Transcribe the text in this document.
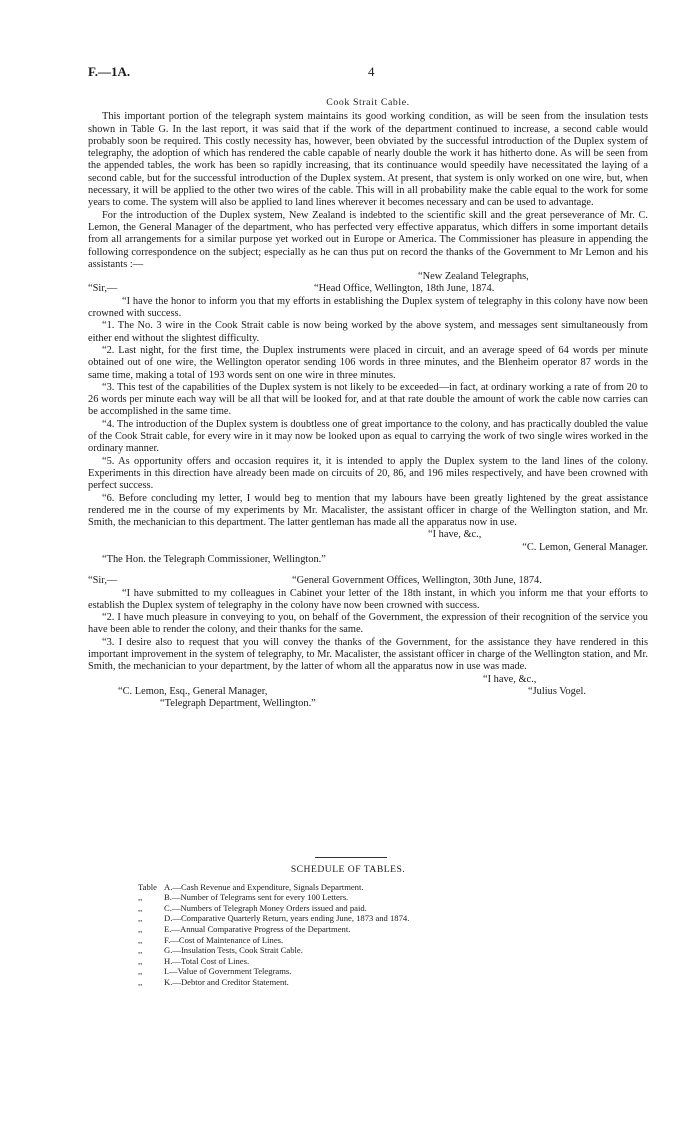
F.—1A.	4
Cook Strait Cable.

This important portion of the telegraph system maintains its good working condition, as will be seen from the insulation tests shown in Table G. In the last report, it was said that if the work of the department continued to increase, a second cable would probably soon be required. This costly necessity has, however, been obviated by the successful introduction of the Duplex system of telegraphy, the adoption of which has rendered the cable capable of nearly double the work it has hitherto done. As will be seen from the appended tables, the work has been so rapidly increasing, that its continuance would speedily have necessitated the laying of a second cable, but for the successful introduction of the Duplex system. At present, that system is only worked on one wire, but, when necessary, it will be applied to the other two wires of the cable. This will in all probability make the cable equal to the work for some years to come. The system will also be applied to land lines wherever it becomes necessary and can be used to advantage.

For the introduction of the Duplex system, New Zealand is indebted to the scientific skill and the great perseverance of Mr. C. Lemon, the General Manager of the department, who has perfected very effective apparatus, which differs in some important details from all arrangements for a similar purpose yet worked out in Europe or America. The Commissioner has pleasure in appending the following correspondence on the subject; especially as he can thus put on record the thanks of the Government to Mr Lemon and his assistants :—

“New Zealand Telegraphs,

“Sir,—	“Head Office, Wellington, 18th June, 1874.

“I have the honor to inform you that my efforts in establishing the Duplex system of telegraphy in this colony have now been crowned with success.

“1. The No. 3 wire in the Cook Strait cable is now being worked by the above system, and messages sent simultaneously from either end without the slightest difficulty.

“2. Last night, for the first time, the Duplex instruments were placed in circuit, and an average speed of 64 words per minute obtained out of one wire, the Wellington operator sending 106 words in three minutes, and the Blenheim operator 87 words in the same time, making a total of 193 words sent on one wire in three minutes.

“3. This test of the capabilities of the Duplex system is not likely to be exceeded—in fact, at ordinary working a rate of from 20 to 26 words per minute each way will be all that will be looked for, and at that rate double the amount of work the cable now carries can be accomplished in the same time.

“4. The introduction of the Duplex system is doubtless one of great importance to the colony, and has practically doubled the value of the Cook Strait cable, for every wire in it may now be looked upon as equal to carrying the work of two single wires worked in the ordinary manner.

“5. As opportunity offers and occasion requires it, it is intended to apply the Duplex system to the land lines of the colony. Experiments in this direction have already been made on circuits of 20, 86, and 196 miles respectively, and have been crowned with perfect success.

“6. Before concluding my letter, I would beg to mention that my labours have been greatly lightened by the great assistance rendered me in the course of my experiments by Mr. Macalister, the assistant officer in charge of the Wellington station, and Mr. Smith, the mechanician to this department. The latter gentleman has made all the apparatus now in use.

“I have, &c.,

“C. Lemon, General Manager.

“The Hon. the Telegraph Commissioner, Wellington.”

“Sir,—	“General Government Offices, Wellington, 30th June, 1874.

“I have submitted to my colleagues in Cabinet your letter of the 18th instant, in which you inform me that your efforts to establish the Duplex system of telegraphy in the colony have now been crowned with success.

“2. I have much pleasure in conveying to you, on behalf of the Government, the expression of their recognition of the service you have been able to render the colony, and their thanks for the same.

“3. I desire also to request that you will convey the thanks of the Government, for the assistance they have rendered in this important improvement in the system of telegraphy, to Mr. Macalister, the assistant officer in charge of the Wellington station, and Mr. Smith, the mechanician to your department, by the latter of whom all the apparatus now in use was made.

“I have, &c.,

“C. Lemon, Esq., General Manager,	“Julius Vogel.

“Telegraph Department, Wellington.”

SCHEDULE OF TABLES.
Table A.—Cash Revenue and Expenditure, Signals Department.
,,	B.—Number of Telegrams sent for every 100 Letters.
,,	C.—Numbers of Telegraph Money Orders issued and paid.
,,	D.—Comparative Quarterly Return, years ending June, 1873 and 1874.
,,	E.—Annual Comparative Progress of the Department.
,,	F.—Cost of Maintenance of Lines.
,,	G.—Insulation Tests, Cook Strait Cable.
,,	H.—Total Cost of Lines.
,,	I.—Value of Government Telegrams.
,,	K.—Debtor and Creditor Statement.
